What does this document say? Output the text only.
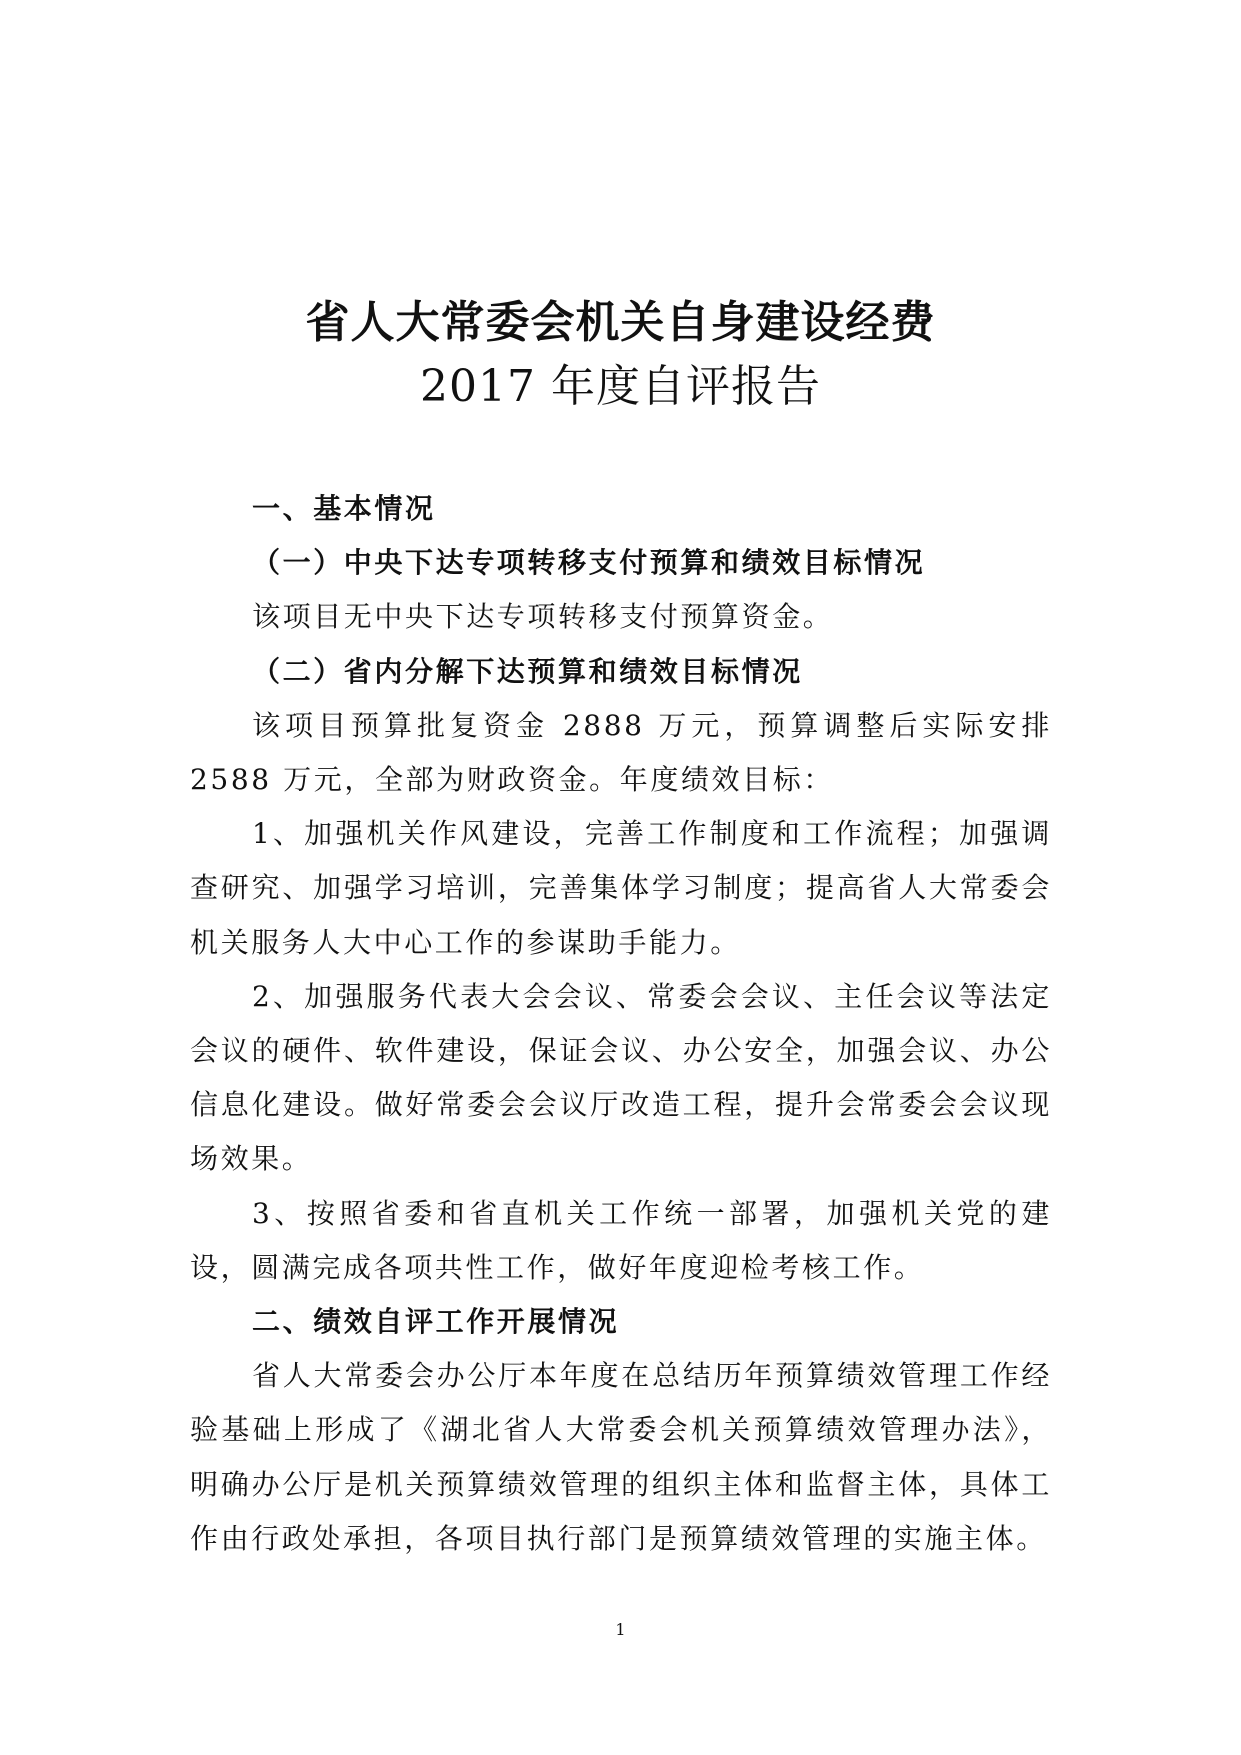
省人大常委会机关自身建设经费
2017 年度自评报告

一、基本情况

（一）中央下达专项转移支付预算和绩效目标情况

该项目无中央下达专项转移支付预算资金。

（二）省内分解下达预算和绩效目标情况

该项目预算批复资金 2888 万元，预算调整后实际安排 2588 万元，全部为财政资金。年度绩效目标：

1、加强机关作风建设，完善工作制度和工作流程；加强调查研究、加强学习培训，完善集体学习制度；提高省人大常委会机关服务人大中心工作的参谋助手能力。

2、加强服务代表大会会议、常委会会议、主任会议等法定会议的硬件、软件建设，保证会议、办公安全，加强会议、办公信息化建设。做好常委会会议厅改造工程，提升会常委会会议现场效果。

3、按照省委和省直机关工作统一部署，加强机关党的建设，圆满完成各项共性工作，做好年度迎检考核工作。

二、绩效自评工作开展情况

省人大常委会办公厅本年度在总结历年预算绩效管理工作经验基础上形成了《湖北省人大常委会机关预算绩效管理办法》，明确办公厅是机关预算绩效管理的组织主体和监督主体，具体工作由行政处承担，各项目执行部门是预算绩效管理的实施主体。

1
